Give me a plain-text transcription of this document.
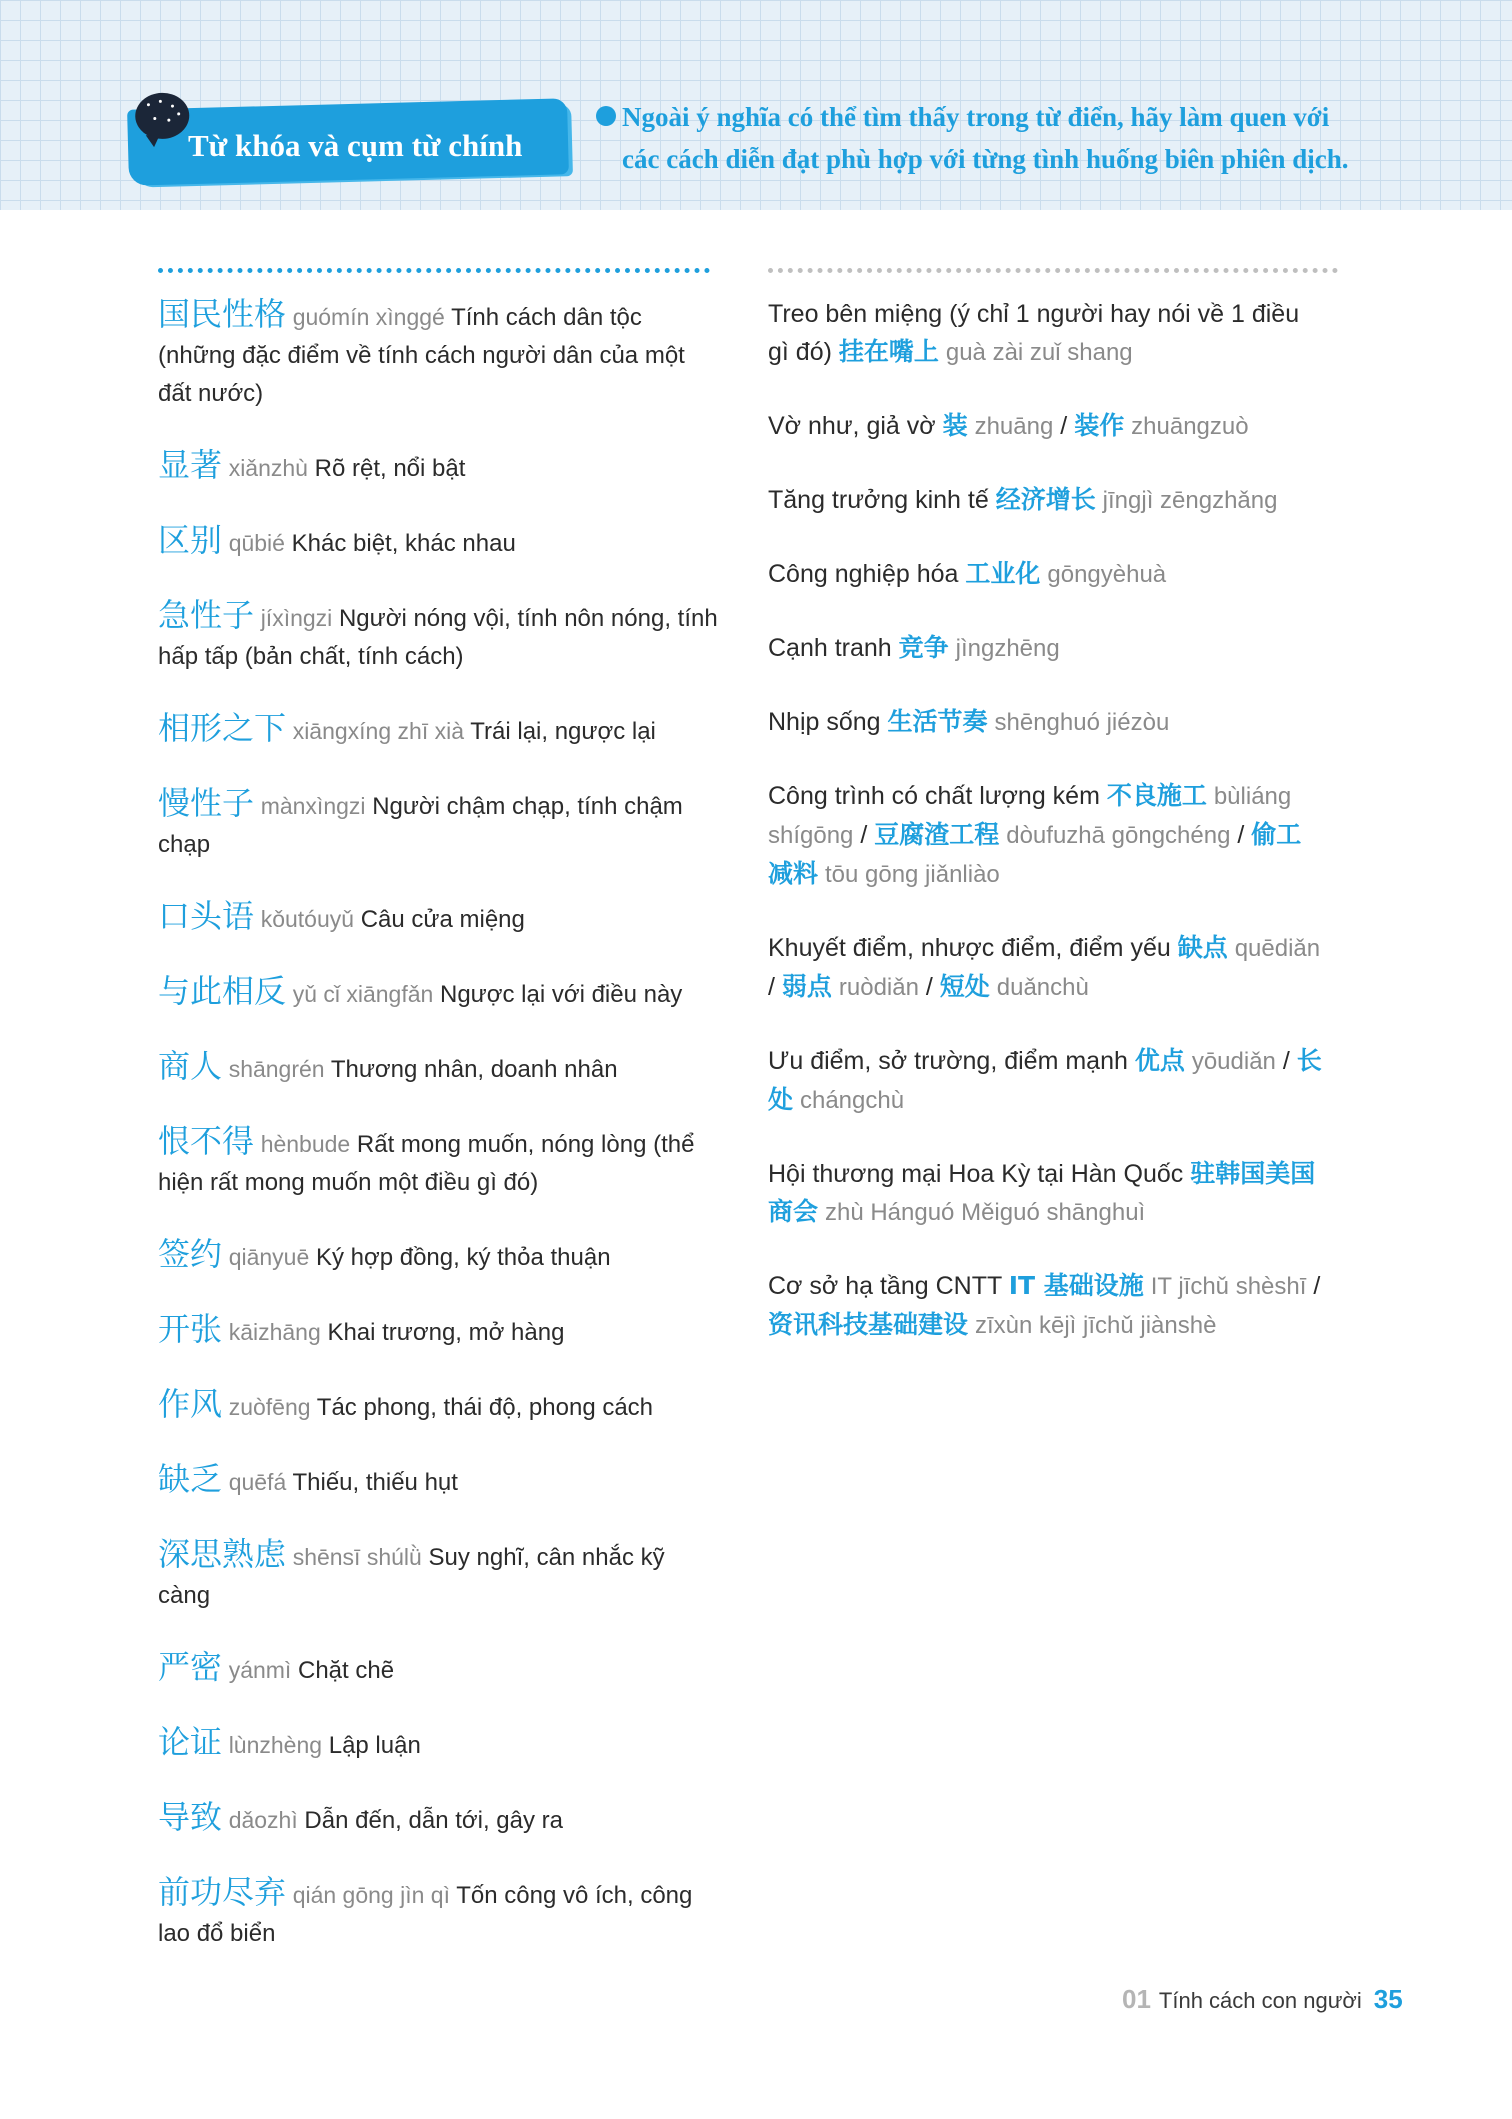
Từ khóa và cụm từ chính
Ngoài ý nghĩa có thể tìm thấy trong từ điển, hãy làm quen với
các cách diễn đạt phù hợp với từng tình huống biên phiên dịch.
国民性格 guómín xìnggé Tính cách dân tộc (những đặc điểm về tính cách người dân của một đất nước)
显著 xiǎnzhù Rõ rệt, nổi bật
区别 qūbié Khác biệt, khác nhau
急性子 jíxìngzi Người nóng vội, tính nôn nóng, tính hấp tấp (bản chất, tính cách)
相形之下 xiāngxíng zhī xià Trái lại, ngược lại
慢性子 mànxìngzi Người chậm chạp, tính chậm chạp
口头语 kǒutóuyǔ Câu cửa miệng
与此相反 yǔ cǐ xiāngfǎn Ngược lại với điều này
商人 shāngrén Thương nhân, doanh nhân
恨不得 hènbude Rất mong muốn, nóng lòng (thể hiện rất mong muốn một điều gì đó)
签约 qiānyuē Ký hợp đồng, ký thỏa thuận
开张 kāizhāng Khai trương, mở hàng
作风 zuòfēng Tác phong, thái độ, phong cách
缺乏 quēfá Thiếu, thiếu hụt
深思熟虑 shēnsī shúlǜ Suy nghĩ, cân nhắc kỹ càng
严密 yánmì Chặt chẽ
论证 lùnzhèng Lập luận
导致 dǎozhì Dẫn đến, dẫn tới, gây ra
前功尽弃 qián gōng jìn qì Tốn công vô ích, công lao đổ biển
Treo bên miệng (ý chỉ 1 người hay nói về 1 điều gì đó) 挂在嘴上 guà zài zuǐ shang
Vờ như, giả vờ 装 zhuāng / 装作 zhuāngzuò
Tăng trưởng kinh tế 经济增长 jīngjì zēngzhǎng
Công nghiệp hóa 工业化 gōngyèhuà
Cạnh tranh 竞争 jìngzhēng
Nhịp sống 生活节奏 shēnghuó jiézòu
Công trình có chất lượng kém 不良施工 bùliáng shígōng / 豆腐渣工程 dòufuzhā gōngchéng / 偷工减料 tōu gōng jiǎnliào
Khuyết điểm, nhược điểm, điểm yếu 缺点 quēdiǎn / 弱点 ruòdiǎn / 短处 duǎnchù
Ưu điểm, sở trường, điểm mạnh 优点 yōudiǎn / 长处 chángchù
Hội thương mại Hoa Kỳ tại Hàn Quốc 驻韩国美国商会 zhù Hánguó Měiguó shānghuì
Cơ sở hạ tầng CNTT IT 基础设施 IT jīchǔ shèshī / 资讯科技基础建设 zīxùn kējì jīchǔ jiànshè
01 Tính cách con người 35
